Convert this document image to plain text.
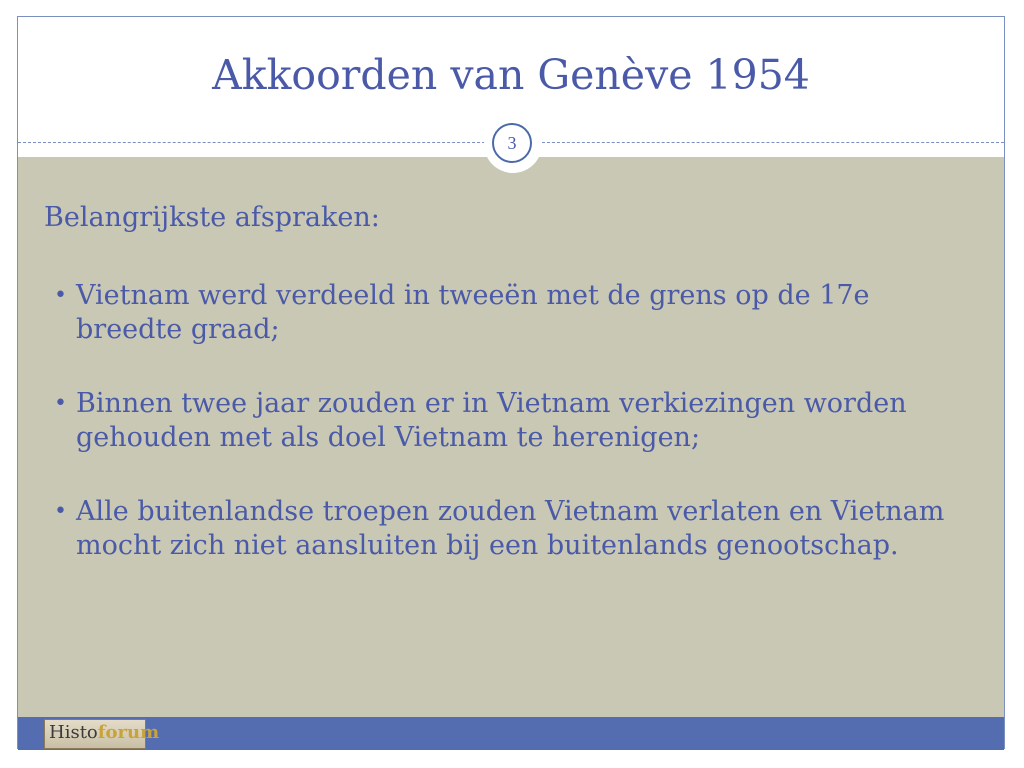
Akkoorden van Genève 1954
3

Belangrijkste afspraken:

• Vietnam werd verdeeld in tweeën met de grens op de 17e breedte graad;
• Binnen twee jaar zouden er in Vietnam verkiezingen worden gehouden met als doel Vietnam te herenigen;
• Alle buitenlandse troepen zouden Vietnam verlaten en Vietnam mocht zich niet aansluiten bij een buitenlands genootschap.
Histoforum
